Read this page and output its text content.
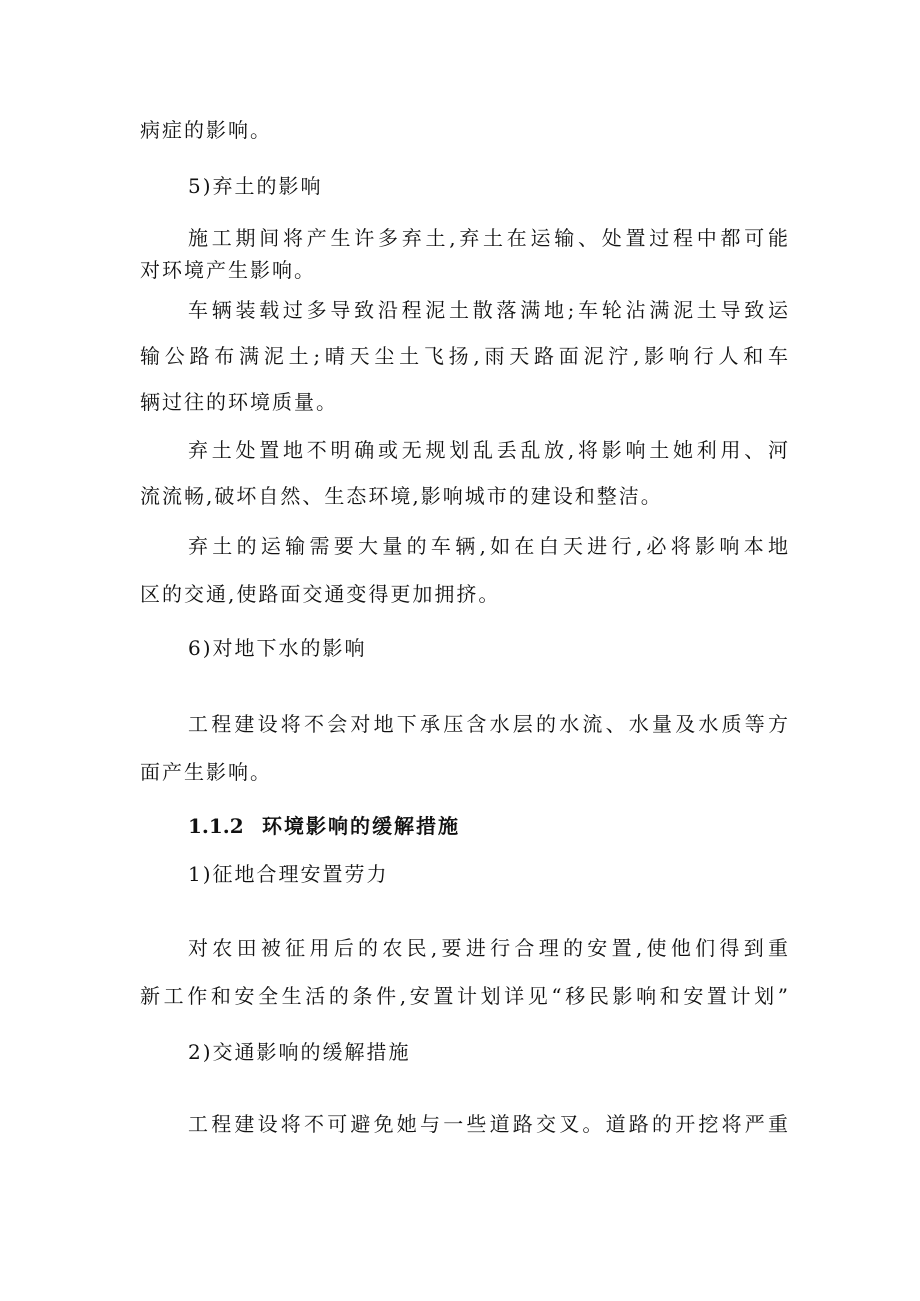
病症的影响。
5)弃土的影响
施工期间将产生许多弃土,弃土在运输、处置过程中都可能
对环境产生影响。
车辆装载过多导致沿程泥土散落满地;车轮沾满泥土导致运
输公路布满泥土;晴天尘土飞扬,雨天路面泥泞,影响行人和车
辆过往的环境质量。
弃土处置地不明确或无规划乱丢乱放,将影响土她利用、河
流流畅,破坏自然、生态环境,影响城市的建设和整洁。
弃土的运输需要大量的车辆,如在白天进行,必将影响本地
区的交通,使路面交通变得更加拥挤。
6)对地下水的影响
工程建设将不会对地下承压含水层的水流、水量及水质等方
面产生影响。
1.1.2 环境影响的缓解措施
1)征地合理安置劳力
对农田被征用后的农民,要进行合理的安置,使他们得到重
新工作和安全生活的条件,安置计划详见“移民影响和安置计划”
2)交通影响的缓解措施
工程建设将不可避免她与一些道路交叉。道路的开挖将严重
